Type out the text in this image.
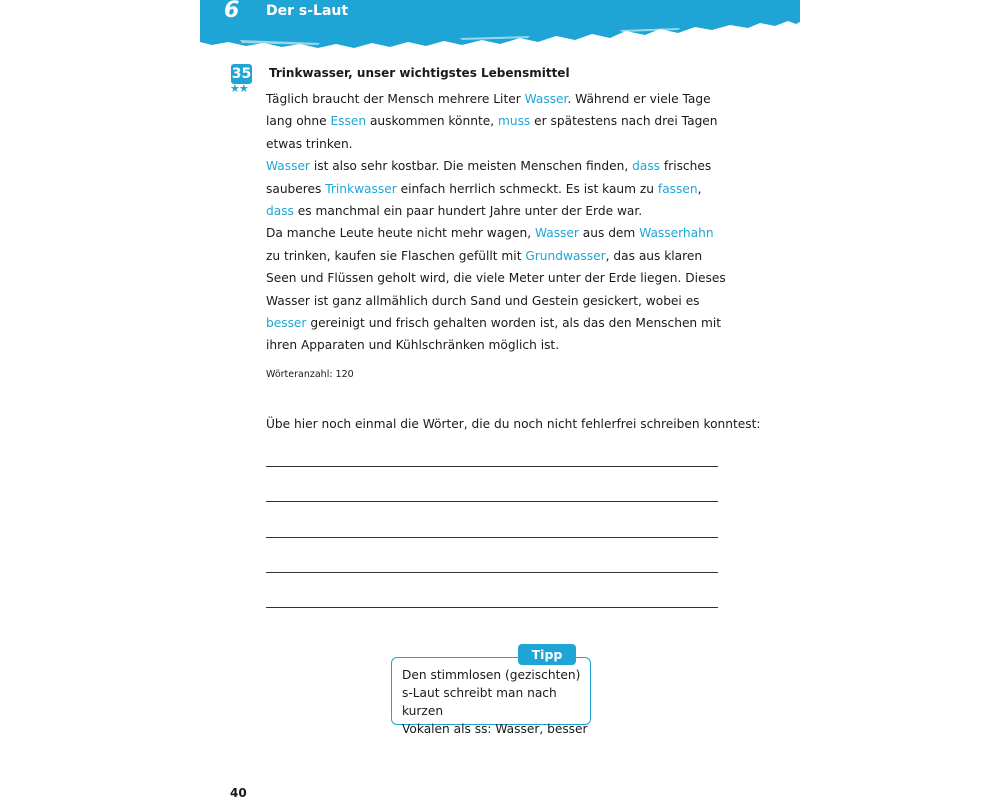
6 Der s-Laut
35
★★
Trinkwasser, unser wichtigstes Lebensmittel

Täglich braucht der Mensch mehrere Liter Wasser. Während er viele Tage lang ohne Essen auskommen könnte, muss er spätestens nach drei Tagen etwas trinken.

Wasser ist also sehr kostbar. Die meisten Menschen finden, dass frisches sauberes Trinkwasser einfach herrlich schmeckt. Es ist kaum zu fassen, dass es manchmal ein paar hundert Jahre unter der Erde war.

Da manche Leute heute nicht mehr wagen, Wasser aus dem Wasserhahn zu trinken, kaufen sie Flaschen gefüllt mit Grundwasser, das aus klaren Seen und Flüssen geholt wird, die viele Meter unter der Erde liegen. Dieses Wasser ist ganz allmählich durch Sand und Gestein gesickert, wobei es besser gereinigt und frisch gehalten worden ist, als das den Menschen mit ihren Apparaten und Kühlschränken möglich ist.

Wörteranzahl: 120
Übe hier noch einmal die Wörter, die du noch nicht fehlerfrei schreiben konntest:
Tipp

Den stimmlosen (gezischten)

s-Laut schreibt man nach kurzen

Vokalen als ss: Wasser, besser

40
